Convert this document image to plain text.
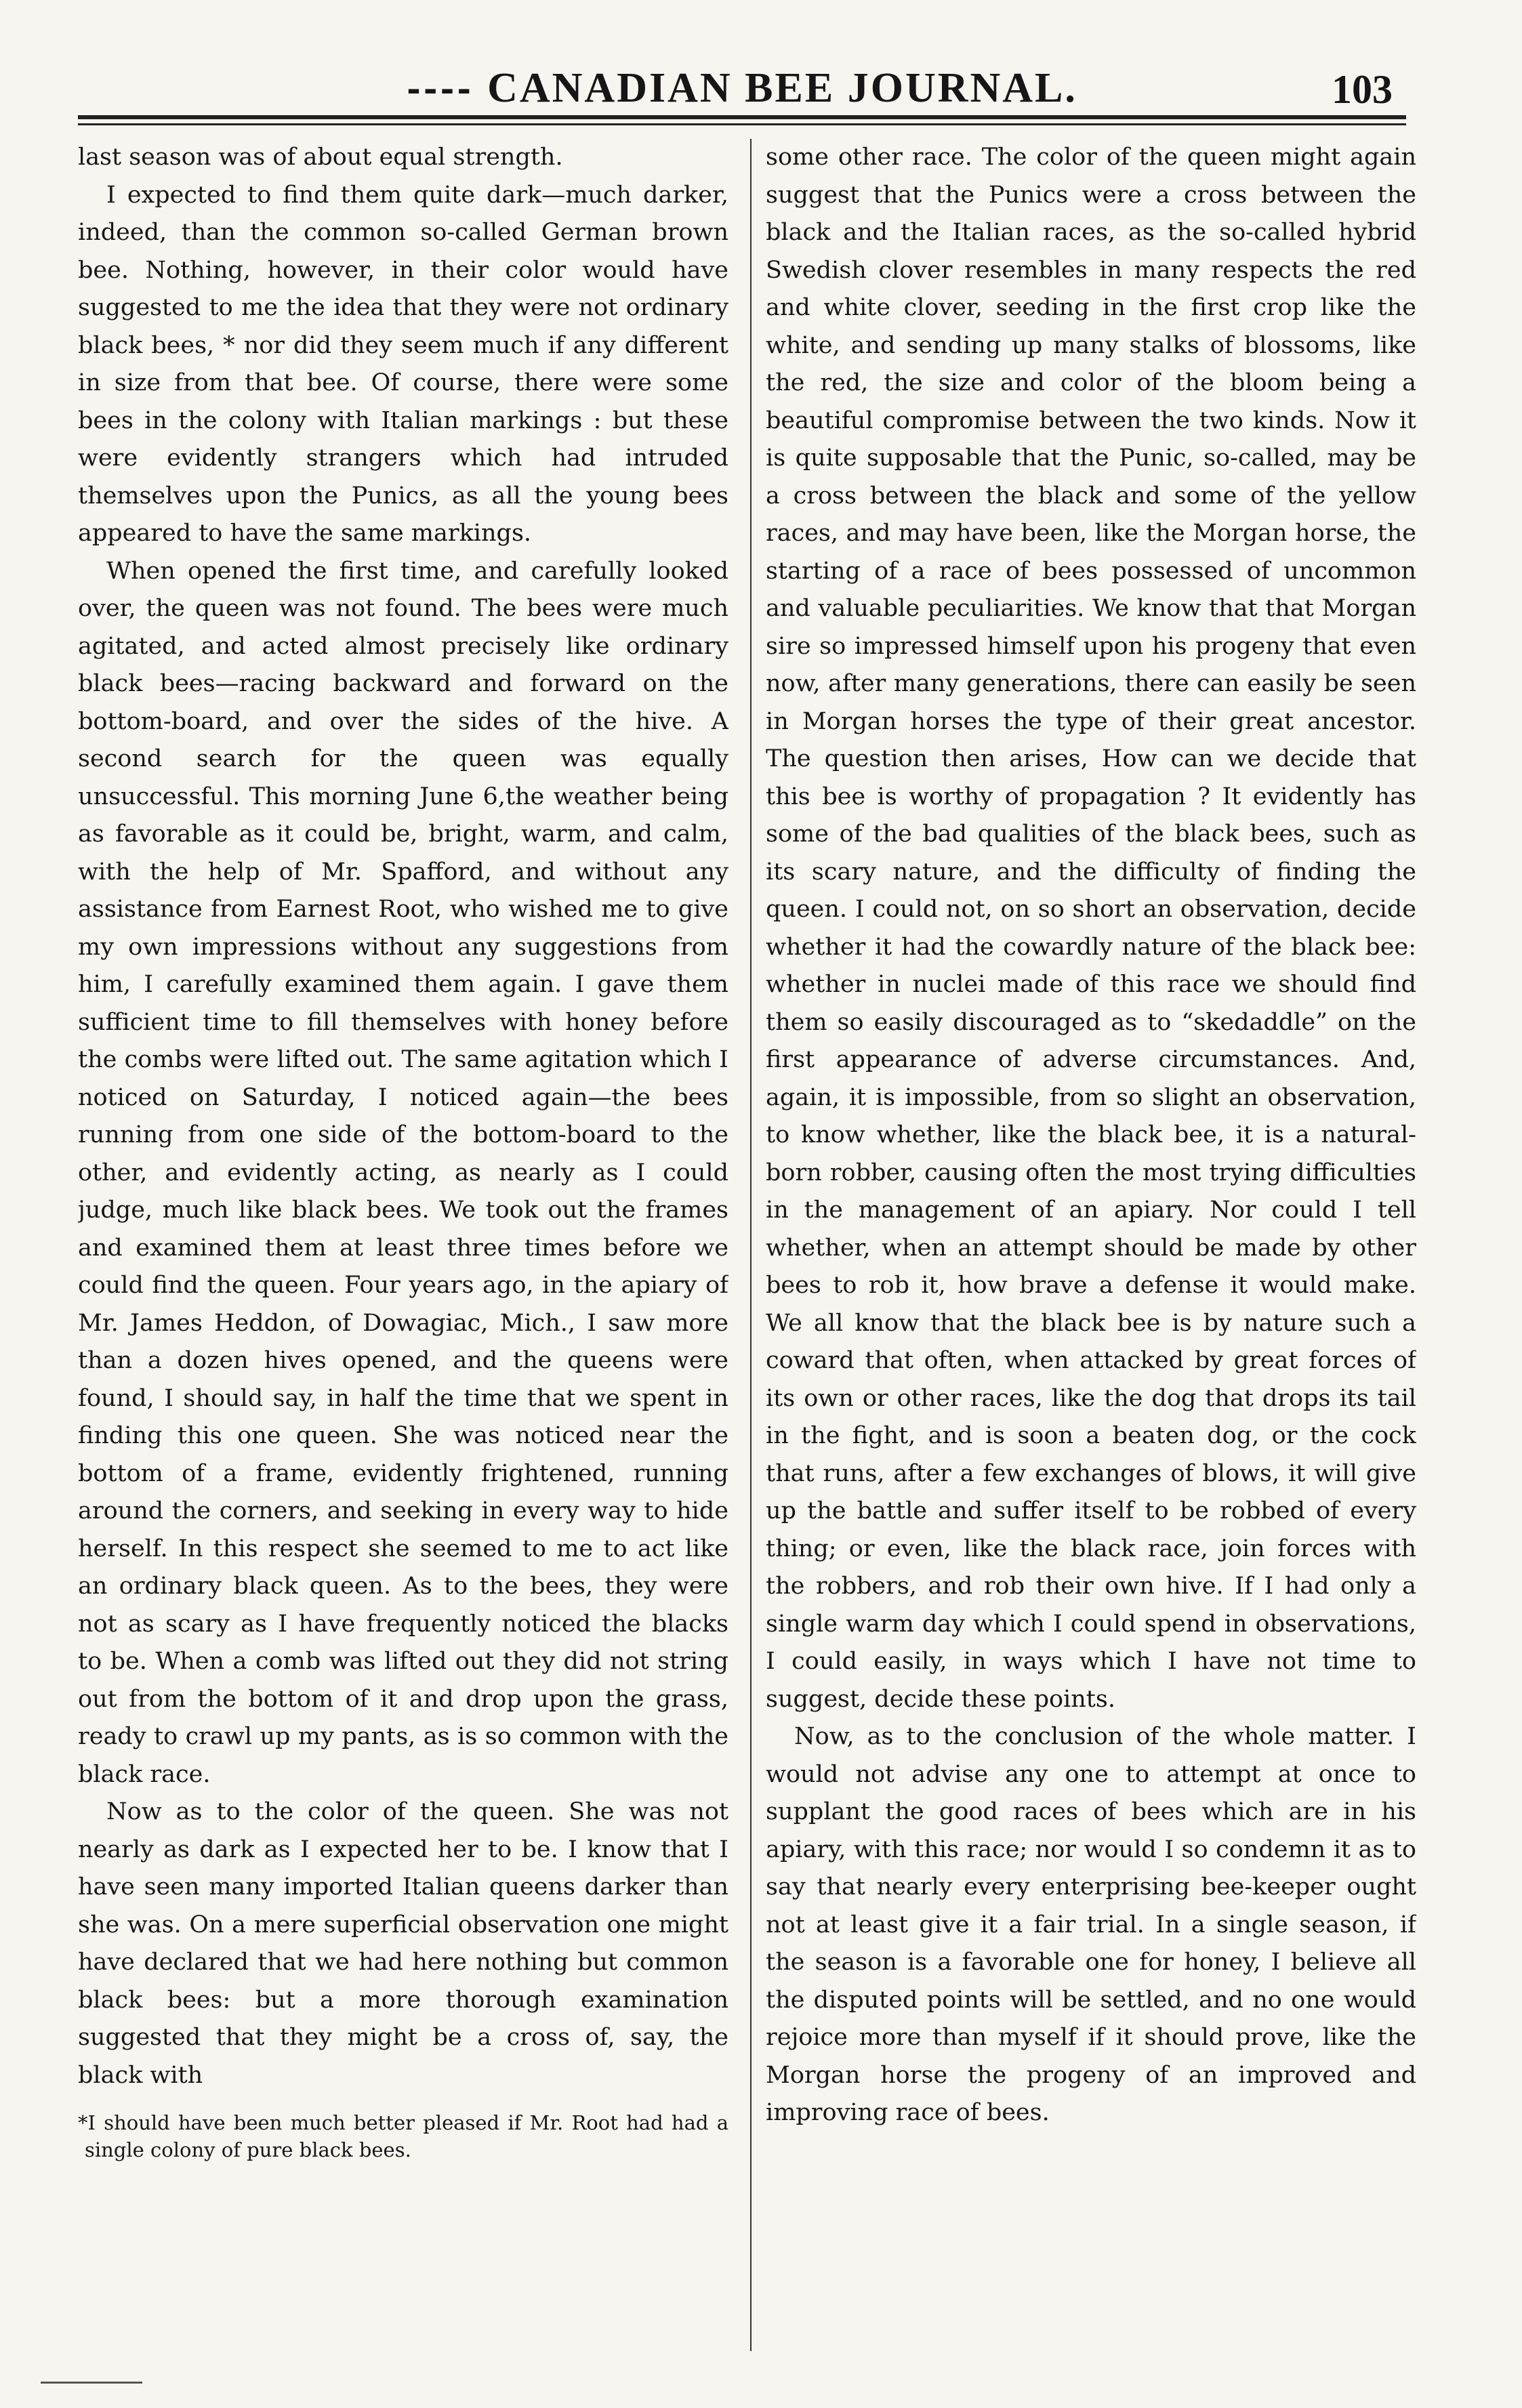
---- CANADIAN BEE JOURNAL.	103

last season was of about equal strength.

I expected to find them quite dark—much darker, indeed, than the common so-called German brown bee. Nothing, however, in their color would have suggested to me the idea that they were not ordinary black bees, * nor did they seem much if any different in size from that bee. Of course, there were some bees in the colony with Italian markings : but these were evidently strangers which had intruded themselves upon the Punics, as all the young bees appeared to have the same markings.

When opened the first time, and carefully looked over, the queen was not found. The bees were much agitated, and acted almost precisely like ordinary black bees—racing backward and forward on the bottom-board, and over the sides of the hive. A second search for the queen was equally unsuccessful. This morning June 6,the weather being as favorable as it could be, bright, warm, and calm, with the help of Mr. Spafford, and without any assistance from Earnest Root, who wished me to give my own impressions without any suggestions from him, I carefully examined them again. I gave them sufficient time to fill themselves with honey before the combs were lifted out. The same agitation which I noticed on Saturday, I noticed again—the bees running from one side of the bottom-board to the other, and evidently acting, as nearly as I could judge, much like black bees. We took out the frames and examined them at least three times before we could find the queen. Four years ago, in the apiary of Mr. James Heddon, of Dowagiac, Mich., I saw more than a dozen hives opened, and the queens were found, I should say, in half the time that we spent in finding this one queen. She was noticed near the bottom of a frame, evidently frightened, running around the corners, and seeking in every way to hide herself. In this respect she seemed to me to act like an ordinary black queen. As to the bees, they were not as scary as I have frequently noticed the blacks to be. When a comb was lifted out they did not string out from the bottom of it and drop upon the grass, ready to crawl up my pants, as is so common with the black race.

Now as to the color of the queen. She was not nearly as dark as I expected her to be. I know that I have seen many imported Italian queens darker than she was. On a mere superficial observation one might have declared that we had here nothing but common black bees: but a more thorough examination suggested that they might be a cross of, say, the black with

*I should have been much better pleased if Mr. Root had had a single colony of pure black bees.

some other race. The color of the queen might again suggest that the Punics were a cross between the black and the Italian races, as the so-called hybrid Swedish clover resembles in many respects the red and white clover, seeding in the first crop like the white, and sending up many stalks of blossoms, like the red, the size and color of the bloom being a beautiful compromise between the two kinds. Now it is quite supposable that the Punic, so-called, may be a cross between the black and some of the yellow races, and may have been, like the Morgan horse, the starting of a race of bees possessed of uncommon and valuable peculiarities. We know that that Morgan sire so impressed himself upon his progeny that even now, after many generations, there can easily be seen in Morgan horses the type of their great ancestor. The question then arises, How can we decide that this bee is worthy of propagation ? It evidently has some of the bad qualities of the black bees, such as its scary nature, and the difficulty of finding the queen. I could not, on so short an observation, decide whether it had the cowardly nature of the black bee: whether in nuclei made of this race we should find them so easily discouraged as to “skedaddle” on the first appearance of adverse circumstances. And, again, it is impossible, from so slight an observation, to know whether, like the black bee, it is a natural-born robber, causing often the most trying difficulties in the management of an apiary. Nor could I tell whether, when an attempt should be made by other bees to rob it, how brave a defense it would make. We all know that the black bee is by nature such a coward that often, when attacked by great forces of its own or other races, like the dog that drops its tail in the fight, and is soon a beaten dog, or the cock that runs, after a few exchanges of blows, it will give up the battle and suffer itself to be robbed of every thing; or even, like the black race, join forces with the robbers, and rob their own hive. If I had only a single warm day which I could spend in observations, I could easily, in ways which I have not time to suggest, decide these points.

Now, as to the conclusion of the whole matter. I would not advise any one to attempt at once to supplant the good races of bees which are in his apiary, with this race; nor would I so condemn it as to say that nearly every enterprising bee-keeper ought not at least give it a fair trial. In a single season, if the season is a favorable one for honey, I believe all the disputed points will be settled, and no one would rejoice more than myself if it should prove, like the Morgan horse the progeny of an improved and improving race of bees.
